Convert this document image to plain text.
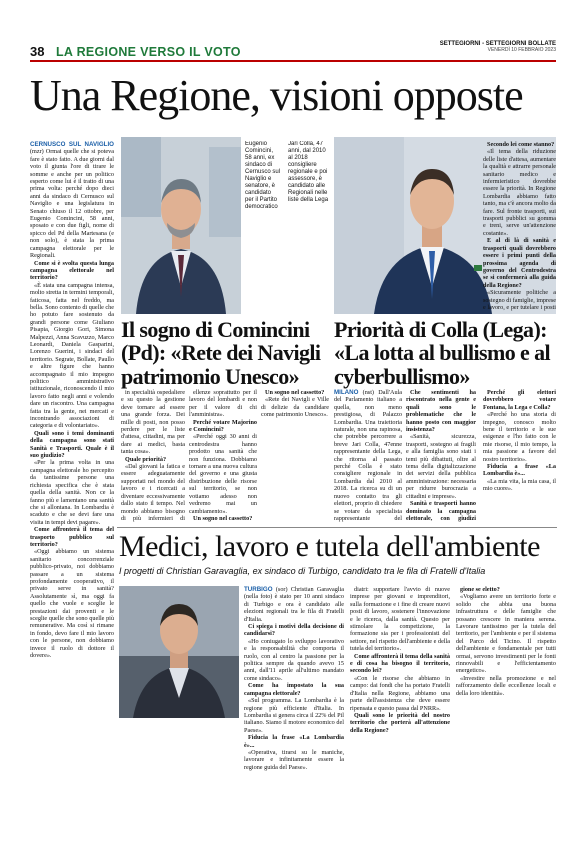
38 LA REGIONE VERSO IL VOTO
SETTEGIORNI - SETTEGIORNI BOLLATE
VENERDÌ 10 FEBBRAIO 2023
Una Regione, visioni opposte

CERNUSCO SUL NAVIGLIO (mzr) Ormai quelle che si poteva fare è stato fatto. A due giorni dal voto il giunta l'ore di tirare le somme e anche per un politico esperto come lui è il tratto di una prima volta: perché dopo dieci anni da sindaco di Cernusco sul Naviglio e una legislatura in Senato chiuso il 12 ottobre, per Eugenio Comincini, 58 anni, sposato e con due figli, nome di spicco del Pd della Martesana (e non solo), è stata la prima campagna elettorale per le Regionali.

Come si è svolta questa lunga campagna elettorale nel territorio?

«È stata una campagna intensa, molto stretta in termini temporali, faticosa, fatta nel freddo, ma bella. Sono contento di quelle che ho potuto fare sostenuto da grandi persone come Giuliano Pisapia, Giorgio Gori, Simona Malpezzi, Anna Scavuzzo, Marco Leonardi, Daniela Gasparini, Lorenzo Guerini, i sindaci del territorio. Segrate, Bollate, Paullo e altre figure che hanno accompagnato il mio impegno politico amministrativo istituzionale, riconoscendo il mio lavoro fatto negli anni e volendo dare un riscontro. Una campagna fatta tra la gente, nei mercati e incontrando associazioni di categoria e di volontariato».

Quali sono i temi dominanti della campagna sono stati Sanità e Trasporti. Quale è il suo giudizio?

«Per la prima volta in una campagna elettorale ho percepito da tantissime persone una richiesta specifica che è stata quella della sanità. Non ce la fanno più e lamentano una sanità che si allontana. In Lombardia è scaduto e che se devi fare una visita in tempi devi pagare».

Come affronterà il tema del trasporto pubblico sul territorio?

«Oggi abbiamo un sistema sanitario concorrenziale pubblico-privato, noi dobbiamo passare a un sistema profondamente cooperativo, il privato serve in sanità? Assolutamente sì, ma oggi fa quello che vuole e sceglie le prestazioni dai proventi e le sceglie quelle che sono quelle più remunerative. Ma così si rimane in fondo, devo fare il mio lavoro con le persone, non dobbiamo invece il ruolo di dottore il dovere».

Eugenio Comincini, 58 anni, ex sindaco di Cernusco sul Naviglio e senatore, è candidato per il Partito democratico
Jari Colla, 47 anni, dal 2010 al 2018 consigliere regionale e poi assessore, è candidato alle Regionali nelle liste della Lega
Il sogno di Comincini (Pd): «Rete dei Navigli patrimonio Unesco»
Priorità di Colla (Lega): «La lotta al bullismo e al cyberbullismo»

in specialità ospedaliere e su questo la gestione deve tornare ad essere una grande forza. Dei mille di posti, non posso perdere per le liste d'attesa, cittadini, ma per dare ai medici, basta tanta cosa».

Quale priorità?

«Dal giovani la fatica e essere adeguatamente supportati nel mondo del lavoro e i ricercati a diventare eccessivamente dallo stato il tempo. Nel mondo abbiamo bisogno di più infermieri di

ellenze soprattutto per il lavoro del lombardi e non per il valore di chi l'amministra».

Perché votare Majorino e Comincini?

«Perché oggi 30 anni di centrodestra hanno prodotto una sanità che non funziona. Dobbiamo tornare a una nuova cultura del governo e una giusta distribuzione delle risorse sul territorio, se non votiamo adesso non vedremo mai un cambiamento».

Un sogno nel cassetto?

Un sogno nel cassetto?

«Rete dei Navigli e Ville di delizie da candidare come patrimonio Unesco».

MILANO (nst) Dall'Aula del Parlamento italiano a quella, non meno prestigiosa, di Palazzo Lombardia. Una traiettoria naturale, non una rapinosa, che potrebbe percorrere a breve Jari Colla, 47enne rappresentante della Lega, che ritorna al passato perché Colla è stato consigliere regionale in Lombardia dal 2010 al 2018. La ricerca su di un nuovo contatto tra gli elettori, proprio di chiedere se votare da specialista rappresentante del

Che sentimenti ha riscontrato nella gente e quali sono le problematiche che le hanno posto con maggior insistenza?

«Sanità, sicurezza, trasporti, sostegno ai fragili e alla famiglia sono stati i temi più dibattuti, oltre al tema della digitalizzazione dei servizi della pubblica amministrazione: necessaria per ridurre burocrazia a cittadini e imprese».

Sanità e trasporti hanno dominato la campagna elettorale, con giudizi

Secondo lei come stanno?

«Il tema della riduzione delle liste d'attesa, aumentare la qualità e attrarre personale sanitario medico e infermieristico dovrebbe essere la priorità. In Regione Lombardia abbiamo fatto tanto, ma c'è ancora molto da fare. Sul fronte trasporti, sui trasporti pubblici su gomma e treni, serve un'attenzione costante».

E al di là di sanità e trasporti quali dovrebbero essere i primi punti della prossima agenda di governo del Centrodestra se si confermerà alla guida della Regione?

«Sicuramente politiche a sostegno di famiglie, imprese e lavoro, e per tutelare i posti

Perché gli elettori dovrebbero votare Fontana, la Lega e Colla?

«Perché ho una storia di impegno, conosco molto bene il territorio e le sue esigenze e l'ho fatto con le mie risorse, il mio tempo, la mia passione a favore del nostro territorio».

Fiducia a frase «La Lombardia è»...

«La mia vita, la mia casa, il mio cuore».

Medici, lavoro e tutela dell'ambiente
I progetti di Christian Garavaglia, ex sindaco di Turbigo, candidato tra le fila di Fratelli d'Italia

TURBIGO (sor) Christian Garavaglia (nella foto) è stato per 10 anni sindaco di Turbigo e ora è candidato alle elezioni regionali tra le fila di Fratelli d'Italia.

Ci spiega i motivi della decisione di candidarsi?

«Ho coniugato lo sviluppo lavorativo e la responsabilità che comporta il ruolo, con al centro la passione per la politica sempre da quando avevo 15 anni, dall'11 aprile all'ultimo mandato come sindaco».

Come ha impostato la sua campagna elettorale?

«Sul programma. La Lombardia è la regione più efficiente d'Italia. In Lombardia si genera circa il 22% del Pil italiano. Siamo il motore economico del Paese».

Fiducia la frase «La Lombardia è»...

«Operativa, tirarsi su le maniche, lavorare e infinitamente essere la regione guida del Paese».

diatri: supportare l'avvio di nuove imprese per giovani e imprenditori, sulla formazione e i fine di creare nuovi posti di lavoro, sostenere l'innovazione e le ricerca, dalla sanità. Questo per stimolare la competizione, la formazione sia per i professionisti del settore, nel rispetto dell'ambiente e della tutela del territorio».

Come affronterà il tema della sanità e di cosa ha bisogno il territorio, secondo lei?

«Con le risorse che abbiamo in campo: dai fondi che ha portato Fratelli d'Italia nella Regione, abbiamo una parte dell'assistenza che deve essere ripensata e questo passa dal PNRR».

Quali sono le priorità del nostro territorio che porterà all'attenzione della Regione?

gione se eletto?

«Vogliamo avere un territorio forte e solido che abbia una buona infrastruttura e delle famiglie che possano crescere in maniera serena. Lavorare tantissimo per la tutela del territorio, per l'ambiente e per il sistema del Parco del Ticino. Il rispetto dell'ambiente e fondamentale per tutti ormai, servono investimenti per le fonti rinnovabili e l'efficientamento energetico».

«Investire nella promozione e nel rafforzamento delle eccellenze locali e della loro identità».
